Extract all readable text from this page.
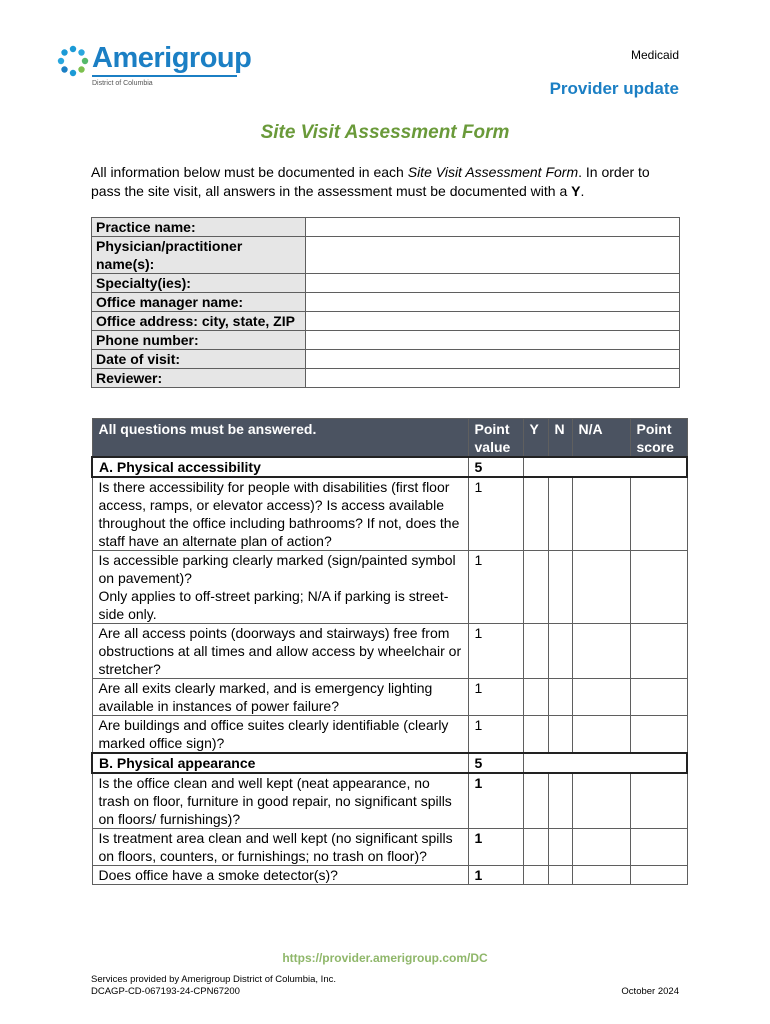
Amerigroup
District of Columbia
Medicaid
Provider update
Site Visit Assessment Form

All information below must be documented in each Site Visit Assessment Form. In order to pass the site visit, all answers in the assessment must be documented with a Y.

Practice name:	
Physician/practitioner name(s):	
Specialty(ies):	
Office manager name:	
Office address: city, state, ZIP	
Phone number:	
Date of visit:	
Reviewer:	
All questions must be answered.	Point value	Y	N	N/A	Point score
A. Physical accessibility	5				
Is there accessibility for people with disabilities (first floor access, ramps, or elevator access)? Is access available throughout the office including bathrooms? If not, does the staff have an alternate plan of action?	1				
Is accessible parking clearly marked (sign/painted symbol on pavement)?
Only applies to off-street parking; N/A if parking is street-side only.	1				
Are all access points (doorways and stairways) free from obstructions at all times and allow access by wheelchair or stretcher?	1				
Are all exits clearly marked, and is emergency lighting available in instances of power failure?	1				
Are buildings and office suites clearly identifiable (clearly marked office sign)?	1				
B. Physical appearance	5				
Is the office clean and well kept (neat appearance, no trash on floor, furniture in good repair, no significant spills on floors/ furnishings)?	1				
Is treatment area clean and well kept (no significant spills on floors, counters, or furnishings; no trash on floor)?	1				
Does office have a smoke detector(s)?	1				
https://provider.amerigroup.com/DC
Services provided by Amerigroup District of Columbia, Inc.
DCAGP-CD-067193-24-CPN67200	October 2024
